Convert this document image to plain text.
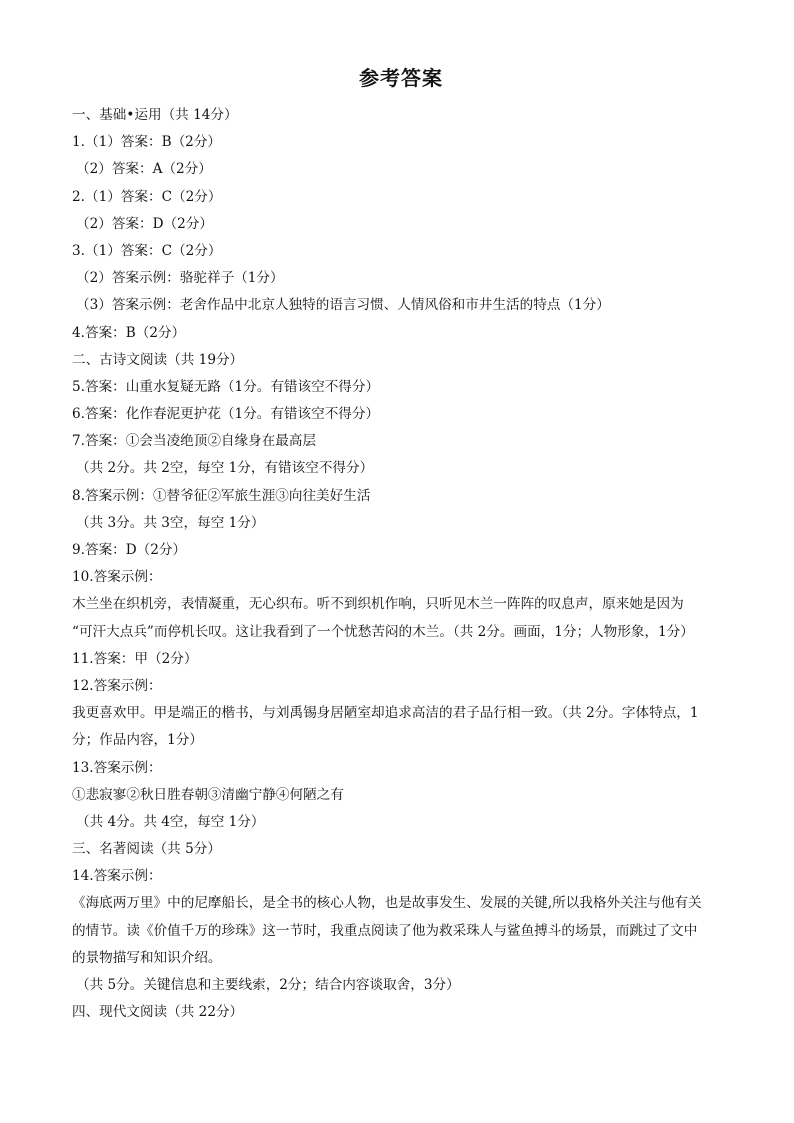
参考答案
一、基础•运用（共 14分）
1.（1）答案：B（2分）
（2）答案：A（2分）
2.（1）答案：C（2分）
（2）答案：D（2分）
3.（1）答案：C（2分）
（2）答案示例：骆驼祥子（1分）
（3）答案示例：老舍作品中北京人独特的语言习惯、人情风俗和市井生活的特点（1分）
4.答案：B（2分）
二、古诗文阅读（共 19分）
5.答案：山重水复疑无路（1分。有错该空不得分）
6.答案：化作春泥更护花（1分。有错该空不得分）
7.答案：①会当凌绝顶②自缘身在最高层
（共 2分。共 2空，每空 1分，有错该空不得分）
8.答案示例：①替爷征②军旅生涯③向往美好生活
（共 3分。共 3空，每空 1分）
9.答案：D（2分）
10.答案示例：
木兰坐在织机旁，表情凝重，无心织布。听不到织机作响，只听见木兰一阵阵的叹息声，原来她是因为
“可汗大点兵”而停机长叹。这让我看到了一个忧愁苦闷的木兰。（共 2分。画面，1分；人物形象，1分）
11.答案：甲（2分）
12.答案示例：
我更喜欢甲。甲是端正的楷书，与刘禹锡身居陋室却追求高洁的君子品行相一致。（共 2分。字体特点，1
分；作品内容，1分）
13.答案示例：
①悲寂寥②秋日胜春朝③清幽宁静④何陋之有
（共 4分。共 4空，每空 1分）
三、名著阅读（共 5分）
14.答案示例：
《海底两万里》中的尼摩船长，是全书的核心人物，也是故事发生、发展的关键,所以我格外关注与他有关
的情节。读《价值千万的珍珠》这一节时，我重点阅读了他为救采珠人与鲨鱼搏斗的场景，而跳过了文中
的景物描写和知识介绍。
（共 5分。关键信息和主要线索，2分；结合内容谈取舍，3分）
四、现代文阅读（共 22分）
